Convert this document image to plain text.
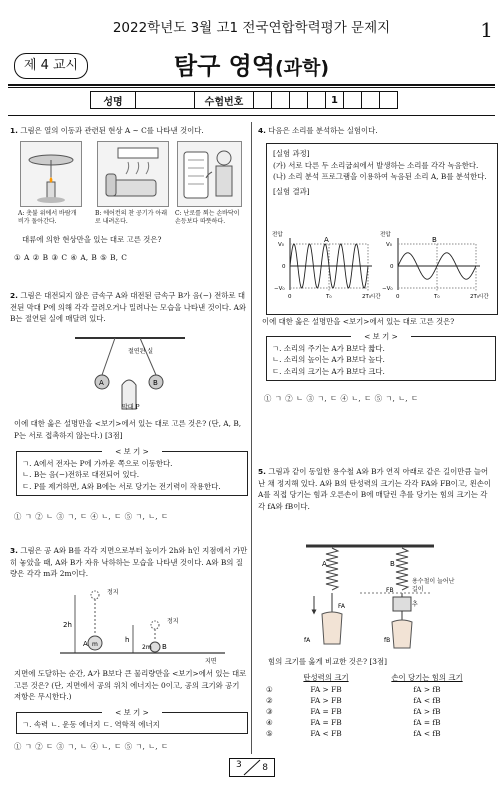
2022학년도 3월 고1 전국연합학력평가 문제지	1
제 4 교시	탐구 영역(과학)
성명		수험번호					1			
1. 그림은 열의 이동과 관련된 현상 A ~ C를 나타낸 것이다.
A: 촛불 위에서 바람개비가 돌아간다.
B: 에어컨의 찬 공기가 아래로 내려온다.
C: 난로를 쬐는 손바닥이 손등보다 따뜻하다.
대류에 의한 현상만을 있는 대로 고른 것은?
① A ② B ③ C ④ A, B ⑤ B, C
2. 그림은 대전되지 않은 금속구 A와 대전된 금속구 B가 음(−) 전하로 대전된 막대 P에 의해 각각 끌려오거나 밀려나는 모습을 나타낸 것이다. A와 B는 절연된 실에 매달려 있다.
A	B
절연된 실
막대 P
이에 대한 옳은 설명만을 <보기>에서 있는 대로 고른 것은? (단, A, B, P는 서로 접촉하지 않는다.) [3점]
< 보 기 >
ㄱ. A에서 전자는 P에 가까운 쪽으로 이동한다.
ㄴ. B는 음(−)전하로 대전되어 있다.
ㄷ. P를 제거하면, A와 B에는 서로 당기는 전기력이 작용한다.
① ㄱ ② ㄴ ③ ㄱ, ㄷ ④ ㄴ, ㄷ ⑤ ㄱ, ㄴ, ㄷ
3. 그림은 공 A와 B를 각각 지면으로부터 높이가 2h와 h인 지점에서 가만히 놓았을 때, A와 B가 자유 낙하하는 모습을 나타낸 것이다. A와 B의 질량은 각각 m과 2m이다.
정지
정지
2h
h
A m	2m B
지면
지면에 도달하는 순간, A가 B보다 큰 물리량만을 <보기>에서 있는 대로 고른 것은? (단, 지면에서 공의 위치 에너지는 0이고, 공의 크기와 공기 저항은 무시한다.)
< 보 기 >
ㄱ. 속력 ㄴ. 운동 에너지 ㄷ. 역학적 에너지
① ㄱ ② ㄷ ③ ㄱ, ㄴ ④ ㄴ, ㄷ ⑤ ㄱ, ㄴ, ㄷ
4. 다음은 소리를 분석하는 실험이다.
[실험 과정]
(가) 서로 다른 두 소리굽쇠에서 발생하는 소리를 각각 녹음한다.
(나) 소리 분석 프로그램을 이용하여 녹음된 소리 A, B를 분석한다.
[실험 결과]
A
전압
V₀
0
−V₀
0	T₀	2T₀
시간
B
전압
V₀
0
−V₀
0	T₀	2T₀
시간
이에 대한 옳은 설명만을 <보기>에서 있는 대로 고른 것은?
< 보 기 >
ㄱ. 소리의 주기는 A가 B보다 짧다.
ㄴ. 소리의 높이는 A가 B보다 높다.
ㄷ. 소리의 크기는 A가 B보다 크다.
① ㄱ ② ㄴ ③ ㄱ, ㄷ ④ ㄴ, ㄷ ⑤ ㄱ, ㄴ, ㄷ
5. 그림과 같이 동일한 용수철 A와 B가 연직 아래로 같은 길이만큼 늘어난 채 정지해 있다. A와 B의 탄성력의 크기는 각각 FA와 FB이고, 왼손이 A를 직접 당기는 힘과 오른손이 B에 매달린 추를 당기는 힘의 크기는 각각 fA와 fB이다.
A	B
FA
FB
fA	fB
추
용수철이 늘어난 길이
힘의 크기를 옳게 비교한 것은? [3점]
	탄성력의 크기	손이 당기는 힘의 크기
①	FA > FB	fA > fB
②	FA > FB	fA < fB
③	FA = FB	fA > fB
④	FA = FB	fA = fB
⑤	FA < FB	fA < fB
3 8
